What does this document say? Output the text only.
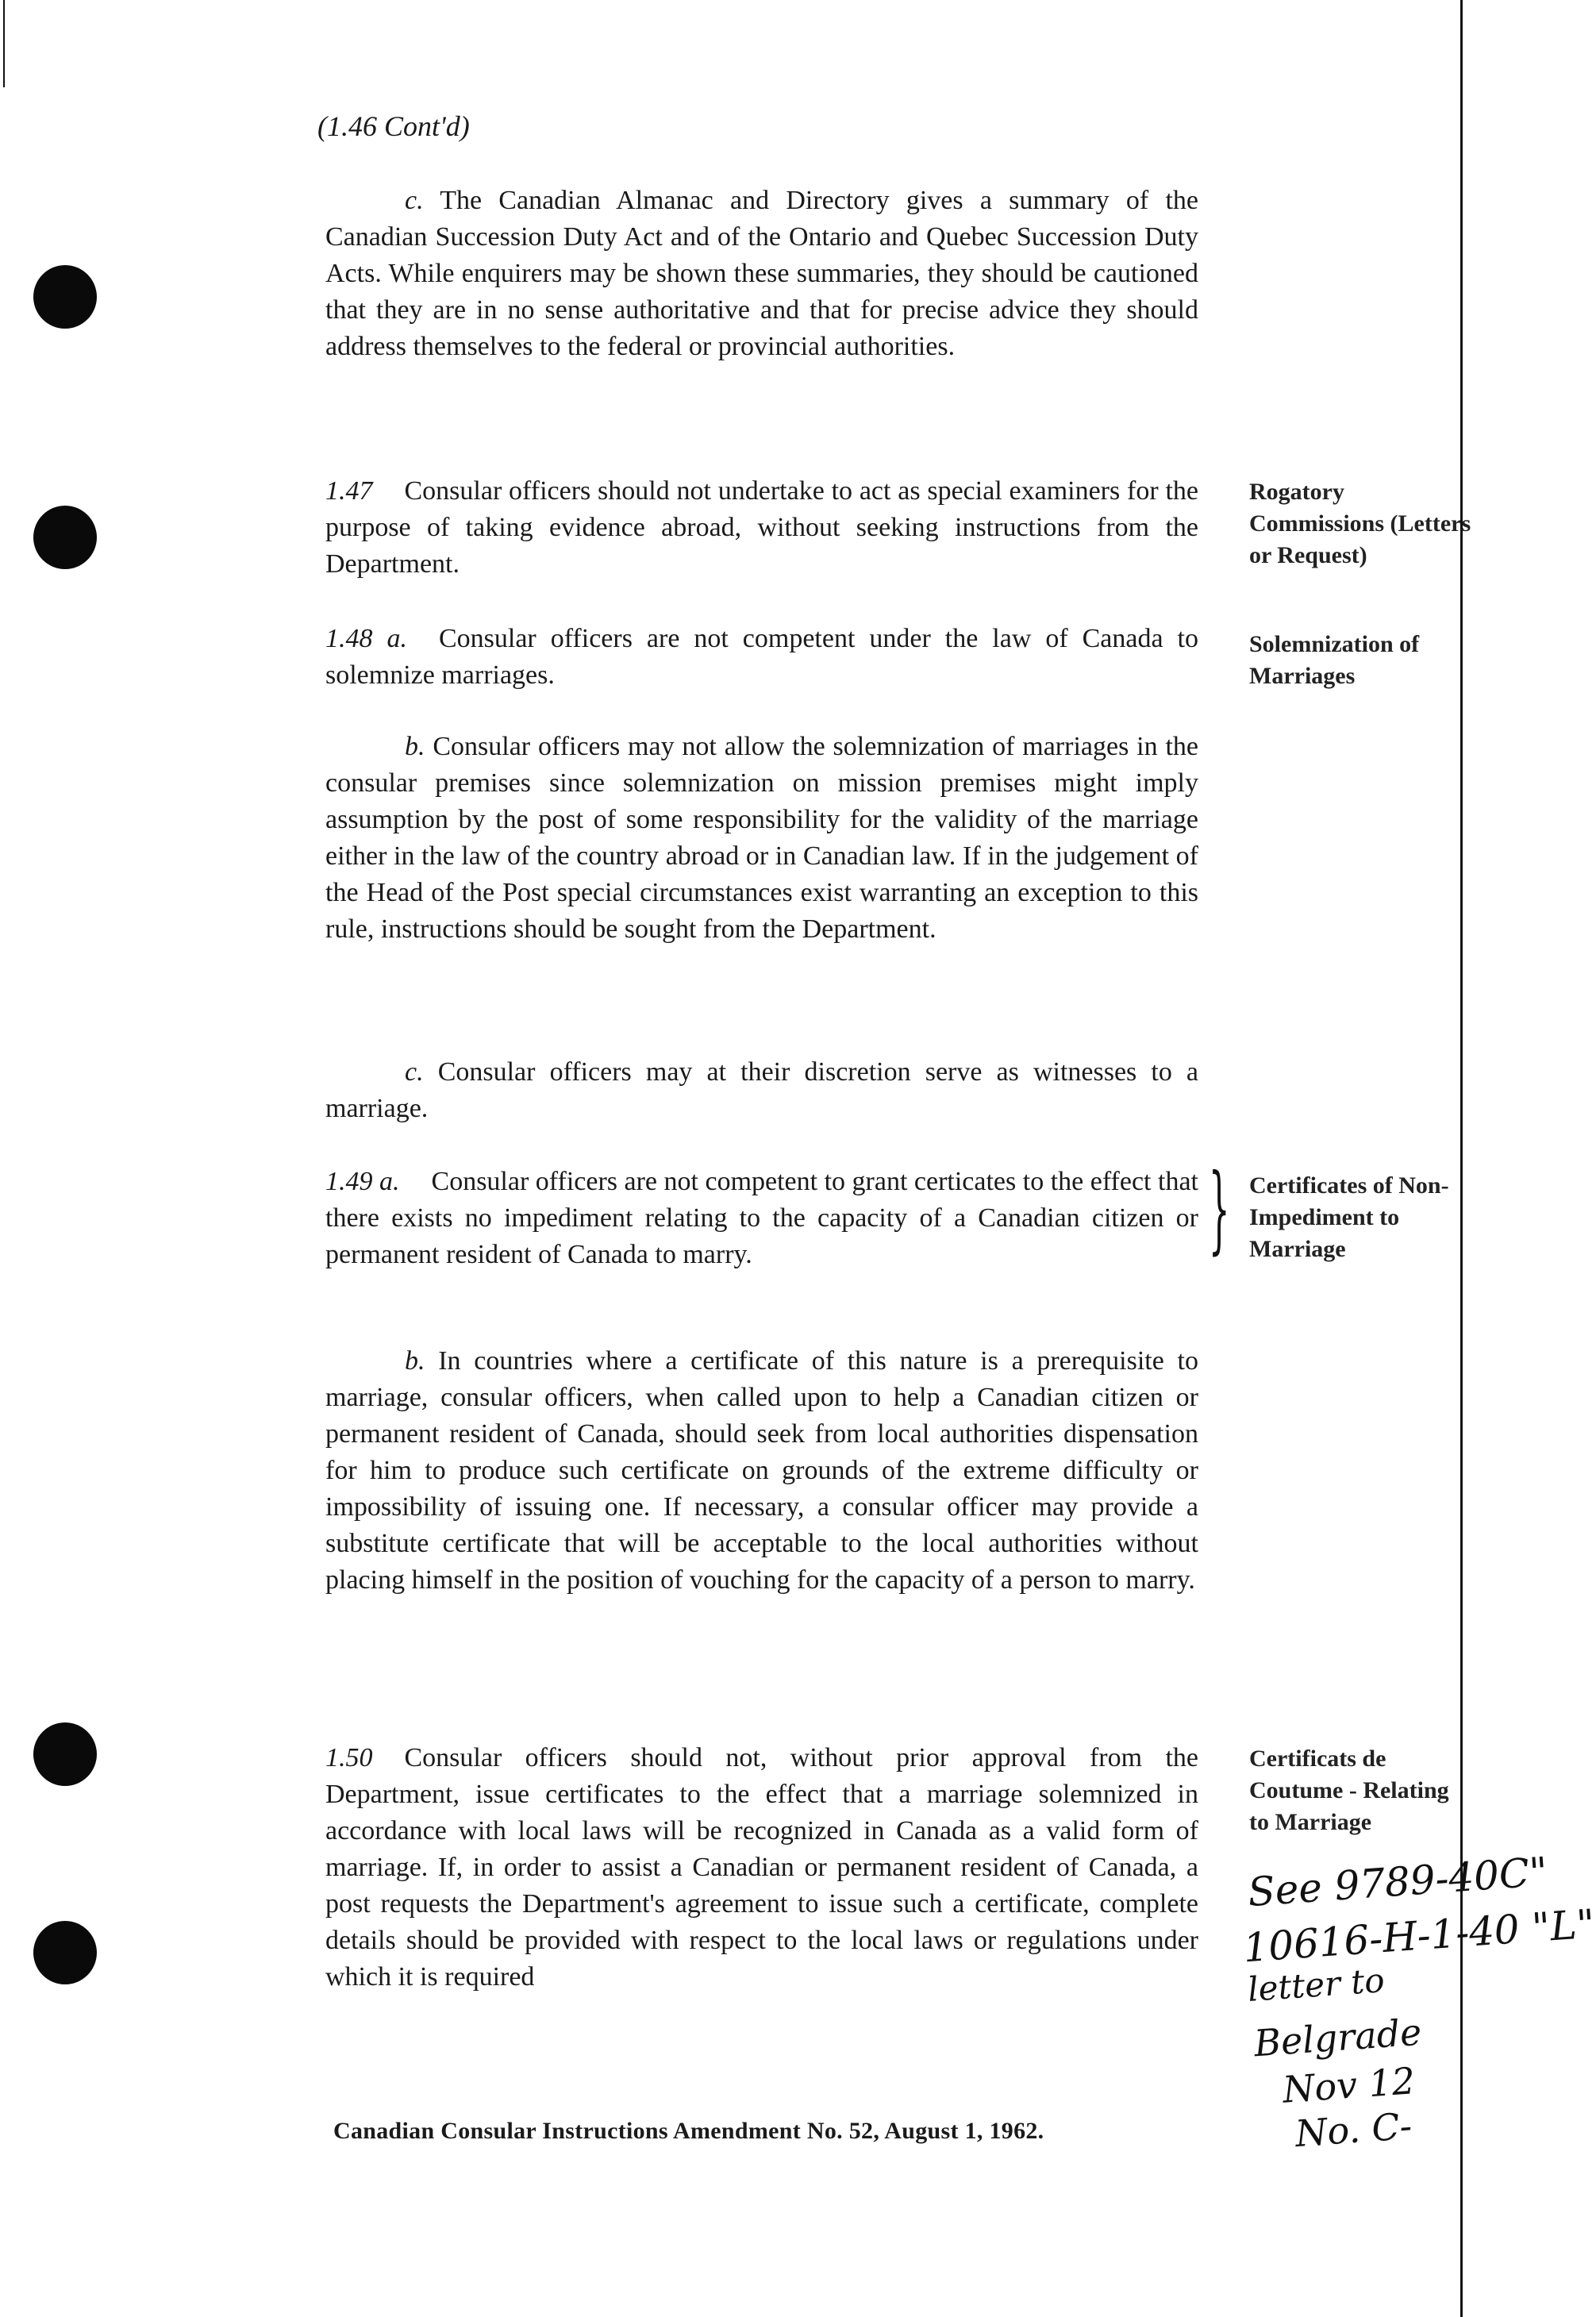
(1.46 Cont'd)

c. The Canadian Almanac and Directory gives a summary of the Canadian Succession Duty Act and of the Ontario and Quebec Succession Duty Acts. While enquirers may be shown these summaries, they should be cautioned that they are in no sense authoritative and that for precise advice they should address themselves to the federal or provincial authorities.

1.47 Consular officers should not undertake to act as special examiners for the purpose of taking evidence abroad, without seeking instructions from the Department.

Rogatory Commissions (Letters or Request)

1.48 a. Consular officers are not competent under the law of Canada to solemnize marriages.

Solemnization of Marriages

b. Consular officers may not allow the solemnization of marriages in the consular premises since solemnization on mission premises might imply assumption by the post of some responsibility for the validity of the marriage either in the law of the country abroad or in Canadian law. If in the judgement of the Head of the Post special circumstances exist warranting an exception to this rule, instructions should be sought from the Department.

c. Consular officers may at their discretion serve as witnesses to a marriage.

1.49 a. Consular officers are not competent to grant certicates to the effect that there exists no impediment relating to the capacity of a Canadian citizen or permanent resident of Canada to marry.	} Certificates of Non-Impediment to Marriage

b. In countries where a certificate of this nature is a prerequisite to marriage, consular officers, when called upon to help a Canadian citizen or permanent resident of Canada, should seek from local authorities dispensation for him to produce such certificate on grounds of the extreme difficulty or impossibility of issuing one. If necessary, a consular officer may provide a substitute certificate that will be acceptable to the local authorities without placing himself in the position of vouching for the capacity of a person to marry.

1.50 Consular officers should not, without prior approval from the Department, issue certificates to the effect that a marriage solemnized in accordance with local laws will be recognized in Canada as a valid form of marriage. If, in order to assist a Canadian or permanent resident of Canada, a post requests the Department's agreement to issue such a certificate, complete details should be provided with respect to the local laws or regulations under which it is required

Certificats de Coutume - Relating to Marriage
See 9789-40C"
10616-H-1-40 "L"
letter to
Belgrade
Nov 12
No. C-
Canadian Consular Instructions Amendment No. 52, August 1, 1962.
